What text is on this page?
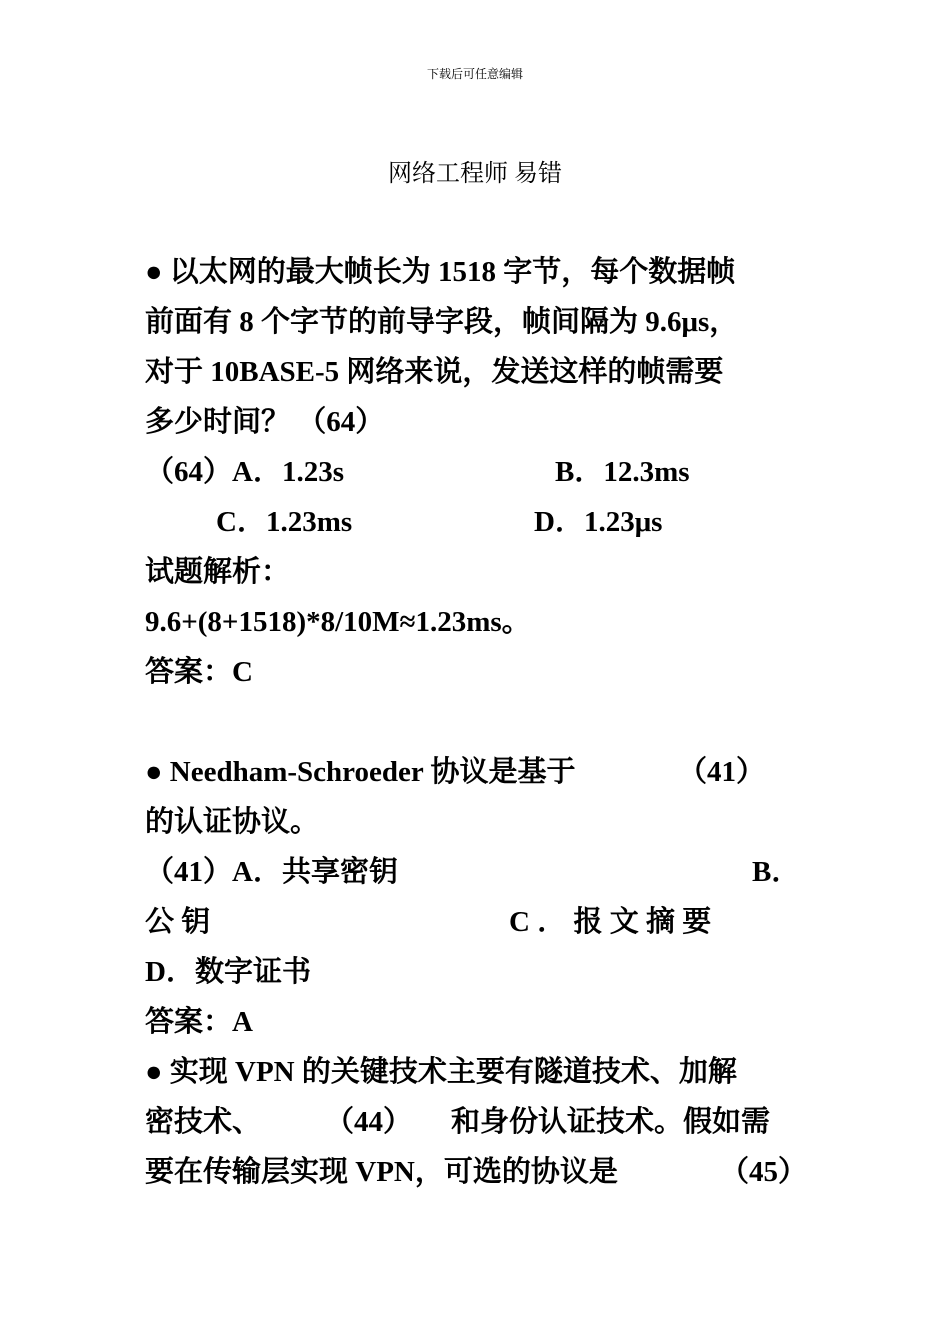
下载后可任意编辑
网络工程师 易错
● 以太网的最大帧长为 1518 字节，每个数据帧
前面有 8 个字节的前导字段，帧间隔为 9.6μs，
对于 10BASE-5 网络来说，发送这样的帧需要
多少时间？ （64）
（64）A．1.23s	B．12.3ms
C．1.23ms	D．1.23μs
试题解析：
9.6+(8+1518)*8/10M≈1.23ms。
答案：C
● Needham-Schroeder 协议是基于	（41）
的认证协议。
（41）A．共享密钥	B．
公 钥	C ． 报 文 摘 要
D．数字证书
答案：A
● 实现 VPN 的关键技术主要有隧道技术、加解
密技术、 （44） 和身份认证技术。假如需
要在传输层实现 VPN，可选的协议是	（45）
